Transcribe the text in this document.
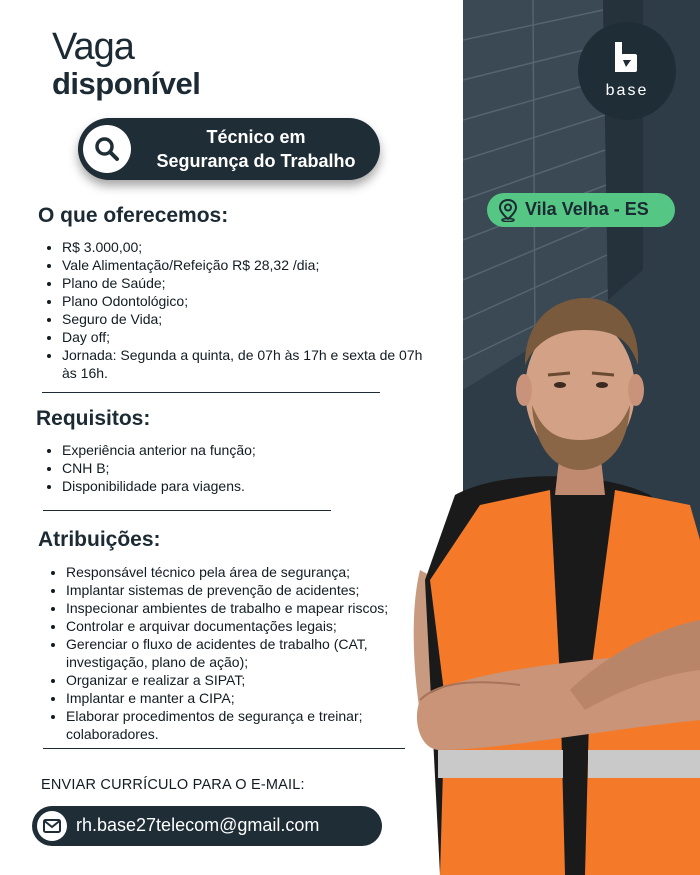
Vaga
disponível
Técnico em
Segurança do Trabalho
base
Vila Velha - ES
O que oferecemos:
• R$ 3.000,00;
• Vale Alimentação/Refeição R$ 28,32 /dia;
• Plano de Saúde;
• Plano Odontológico;
• Seguro de Vida;
• Day off;
• Jornada: Segunda a quinta, de 07h às 17h e sexta de 07h às 16h.
Requisitos:
• Experiência anterior na função;
• CNH B;
• Disponibilidade para viagens.
Atribuições:
• Responsável técnico pela área de segurança;
• Implantar sistemas de prevenção de acidentes;
• Inspecionar ambientes de trabalho e mapear riscos;
• Controlar e arquivar documentações legais;
• Gerenciar o fluxo de acidentes de trabalho (CAT, investigação, plano de ação);
• Organizar e realizar a SIPAT;
• Implantar e manter a CIPA;
• Elaborar procedimentos de segurança e treinar; colaboradores.
ENVIAR CURRÍCULO PARA O E-MAIL:
rh.base27telecom@gmail.com
